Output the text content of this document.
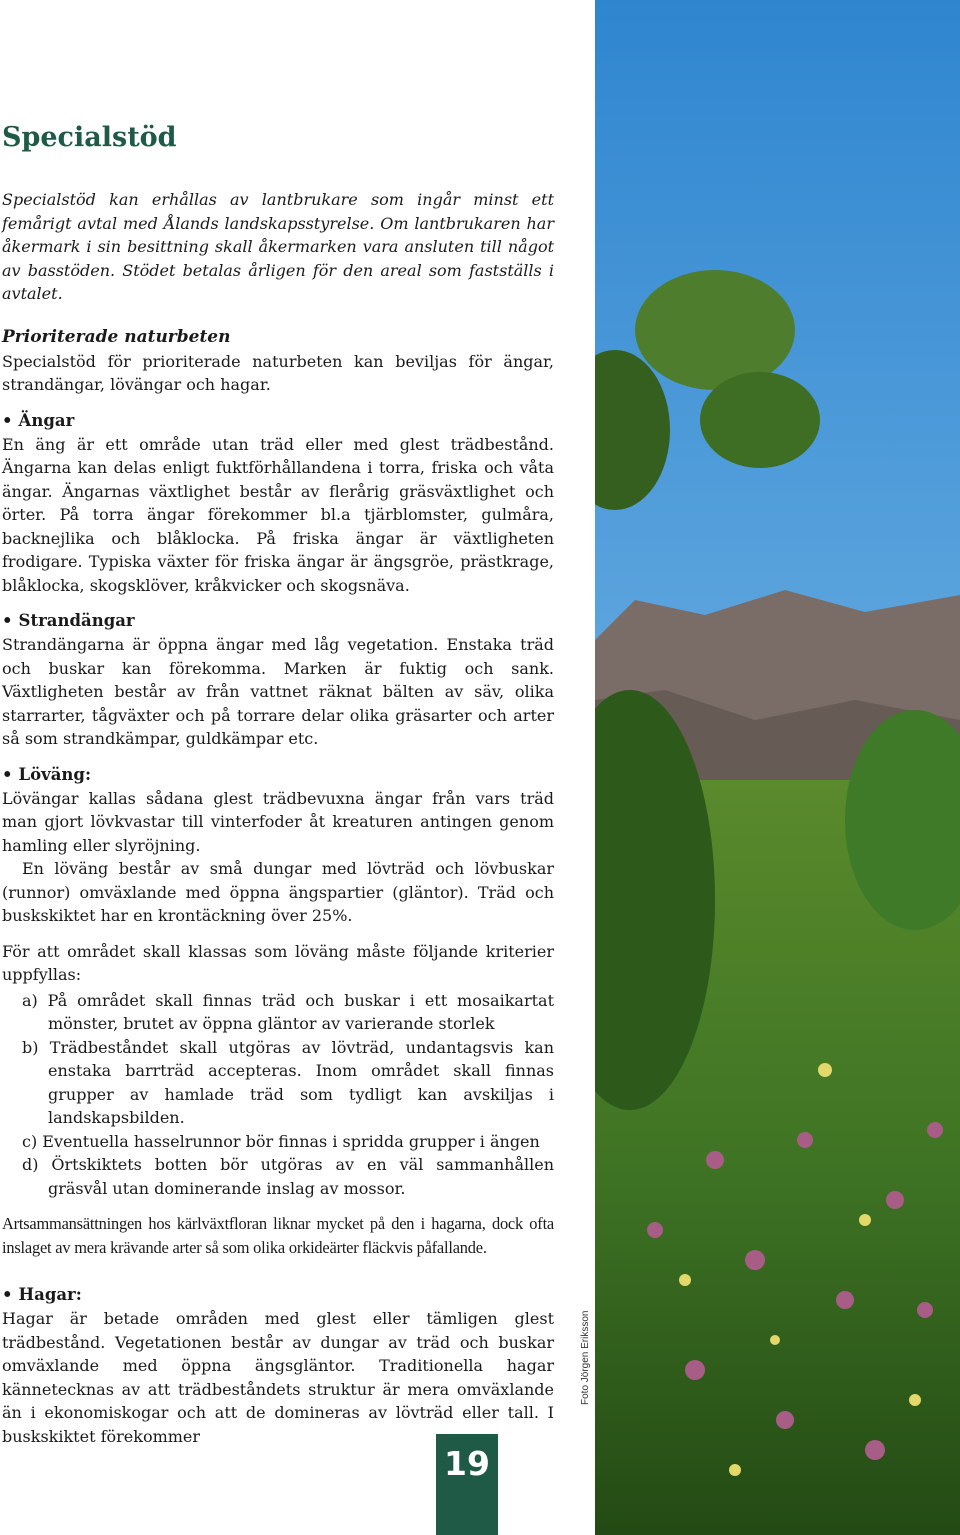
Specialstöd

Specialstöd kan erhållas av lantbrukare som ingår minst ett femårigt avtal med Ålands landskapsstyrelse. Om lantbrukaren har åkermark i sin besittning skall åkermarken vara ansluten till något av basstöden. Stödet betalas årligen för den areal som fastställs i avtalet.

Prioriterade naturbeten

Specialstöd för prioriterade naturbeten kan beviljas för ängar, strandängar, lövängar och hagar.

• Ängar

En äng är ett område utan träd eller med glest trädbestånd. Ängarna kan delas enligt fuktförhållandena i torra, friska och våta ängar. Ängarnas växtlighet består av flerårig gräsväxtlighet och örter. På torra ängar förekommer bl.a tjärblomster, gulmåra, backnejlika och blåklocka. På friska ängar är växtligheten frodigare. Typiska växter för friska ängar är ängsgröe, prästkrage, blåklocka, skogsklöver, kråkvicker och skogsnäva.

• Strandängar

Strandängarna är öppna ängar med låg vegetation. Enstaka träd och buskar kan förekomma. Marken är fuktig och sank. Växtligheten består av från vattnet räknat bälten av säv, olika starrarter, tågväxter och på torrare delar olika gräsarter och arter så som strandkämpar, guldkämpar etc.

• Löväng:

Lövängar kallas sådana glest trädbevuxna ängar från vars träd man gjort lövkvastar till vinterfoder åt kreaturen antingen genom hamling eller slyröjning.

En löväng består av små dungar med lövträd och lövbuskar (runnor) omväxlande med öppna ängspartier (gläntor). Träd och buskskiktet har en krontäckning över 25%.

För att området skall klassas som löväng måste följande kriterier uppfyllas:

a) På området skall finnas träd och buskar i ett mosaikartat mönster, brutet av öppna gläntor av varierande storlek
b) Trädbeståndet skall utgöras av lövträd, undantagsvis kan enstaka barrträd accepteras. Inom området skall finnas grupper av hamlade träd som tydligt kan avskiljas i landskapsbilden.
c) Eventuella hasselrunnor bör finnas i spridda grupper i ängen
d) Örtskiktets botten bör utgöras av en väl sammanhållen gräsvål utan dominerande inslag av mossor.

Artsammansättningen hos kärlväxtfloran liknar mycket på den i hagarna, dock ofta inslaget av mera krävande arter så som olika orkideärter fläckvis påfallande.

• Hagar:

Hagar är betade områden med glest eller tämligen glest trädbestånd. Vegetationen består av dungar av träd och buskar omväxlande med öppna ängsgläntor. Traditionella hagar kännetecknas av att trädbeståndets struktur är mera omväxlande än i ekonomiskogar och att de domineras av lövträd eller tall. I buskskiktet förekommer

Foto Jörgen Eriksson
19
